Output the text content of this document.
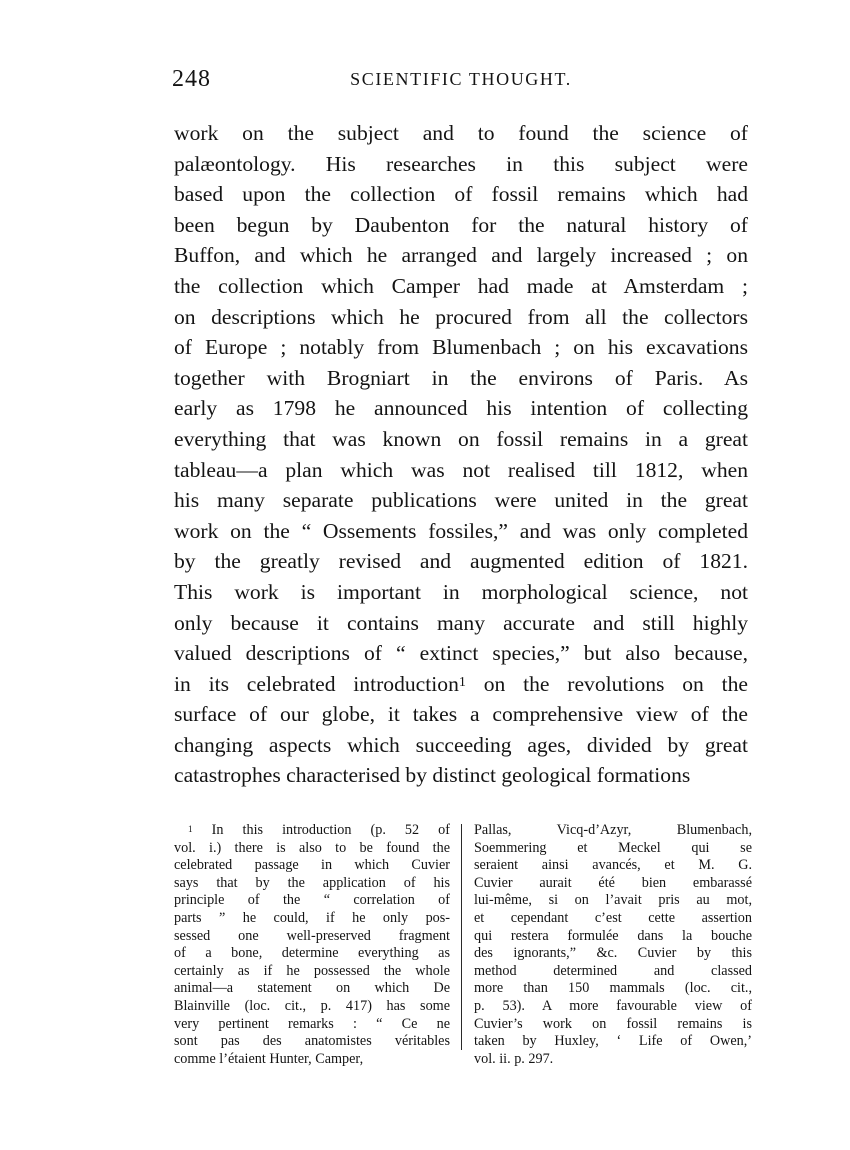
248	SCIENTIFIC THOUGHT.
work on the subject and to found the science of
palæontology. His researches in this subject were
based upon the collection of fossil remains which had
been begun by Daubenton for the natural history of
Buffon, and which he arranged and largely increased ; on
the collection which Camper had made at Amsterdam ;
on descriptions which he procured from all the collectors
of Europe ; notably from Blumenbach ; on his excavations
together with Brogniart in the environs of Paris. As
early as 1798 he announced his intention of collecting
everything that was known on fossil remains in a great
tableau—a plan which was not realised till 1812, when
his many separate publications were united in the great
work on the “ Ossements fossiles,” and was only completed
by the greatly revised and augmented edition of 1821.
This work is important in morphological science, not
only because it contains many accurate and still highly
valued descriptions of “ extinct species,” but also because,
in its celebrated introduction$^1$ on the revolutions on the
surface of our globe, it takes a comprehensive view of the
changing aspects which succeeding ages, divided by great
catastrophes characterised by distinct geological formations
$^1$ In this introduction (p. 52 of
vol. i.) there is also to be found the
celebrated passage in which Cuvier
says that by the application of his
principle of the “ correlation of
parts ” he could, if he only pos-
sessed one well-preserved fragment
of a bone, determine everything as
certainly as if he possessed the whole
animal—a statement on which De
Blainville (loc. cit., p. 417) has some
very pertinent remarks : “ Ce ne
sont pas des anatomistes véritables
comme l’étaient Hunter, Camper,
Pallas, Vicq-d’Azyr, Blumenbach,
Soemmering et Meckel qui se
seraient ainsi avancés, et M. G.
Cuvier aurait été bien embarassé
lui-même, si on l’avait pris au mot,
et cependant c’est cette assertion
qui restera formulée dans la bouche
des ignorants,” &c. Cuvier by this
method determined and classed
more than 150 mammals (loc. cit.,
p. 53). A more favourable view of
Cuvier’s work on fossil remains is
taken by Huxley, ‘ Life of Owen,’
vol. ii. p. 297.
